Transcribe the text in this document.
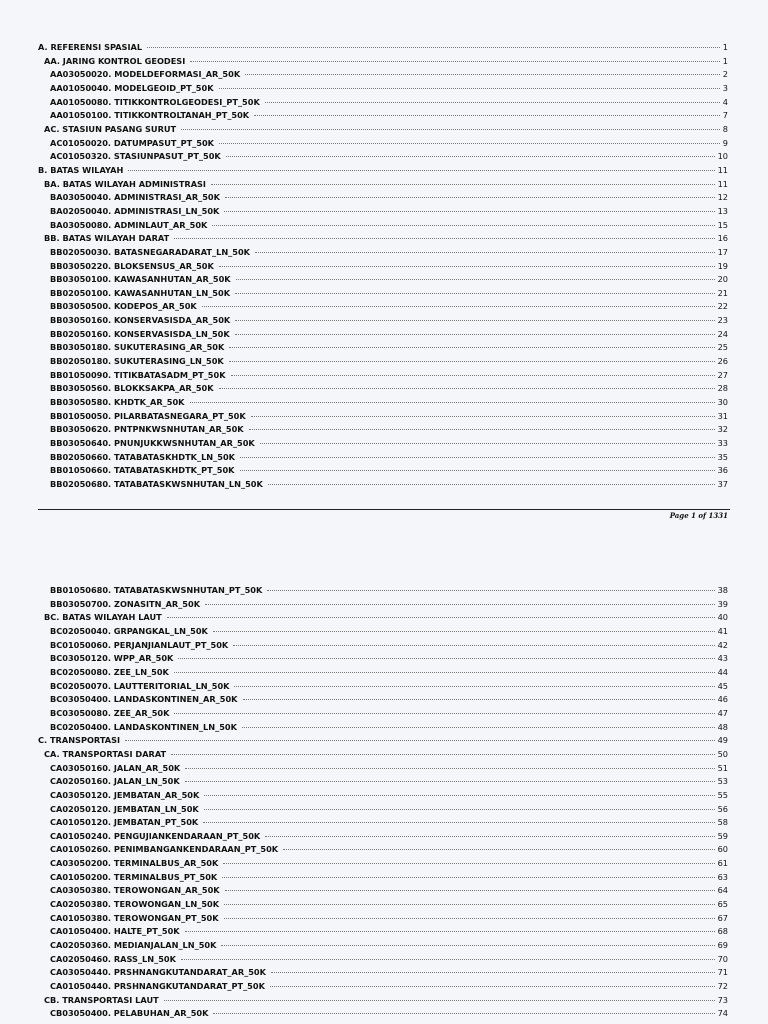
A. REFERENSI SPASIAL	1
AA. JARING KONTROL GEODESI	1
AA03050020. MODELDEFORMASI_AR_50K	2
AA01050040. MODELGEOID_PT_50K	3
AA01050080. TITIKKONTROLGEODESI_PT_50K	4
AA01050100. TITIKKONTROLTANAH_PT_50K	7
AC. STASIUN PASANG SURUT	8
AC01050020. DATUMPASUT_PT_50K	9
AC01050320. STASIUNPASUT_PT_50K	10
B. BATAS WILAYAH	11
BA. BATAS WILAYAH ADMINISTRASI	11
BA03050040. ADMINISTRASI_AR_50K	12
BA02050040. ADMINISTRASI_LN_50K	13
BA03050080. ADMINLAUT_AR_50K	15
BB. BATAS WILAYAH DARAT	16
BB02050030. BATASNEGARADARAT_LN_50K	17
BB03050220. BLOKSENSUS_AR_50K	19
BB03050100. KAWASANHUTAN_AR_50K	20
BB02050100. KAWASANHUTAN_LN_50K	21
BB03050500. KODEPOS_AR_50K	22
BB03050160. KONSERVASISDA_AR_50K	23
BB02050160. KONSERVASISDA_LN_50K	24
BB03050180. SUKUTERASING_AR_50K	25
BB02050180. SUKUTERASING_LN_50K	26
BB01050090. TITIKBATASADM_PT_50K	27
BB03050560. BLOKKSAKPA_AR_50K	28
BB03050580. KHDTK_AR_50K	30
BB01050050. PILARBATASNEGARA_PT_50K	31
BB03050620. PNTPNKWSNHUTAN_AR_50K	32
BB03050640. PNUNJUKKWSNHUTAN_AR_50K	33
BB02050660. TATABATASKHDTK_LN_50K	35
BB01050660. TATABATASKHDTK_PT_50K	36
BB02050680. TATABATASKWSNHUTAN_LN_50K	37
Page 1 of 1331
BB01050680. TATABATASKWSNHUTAN_PT_50K	38
BB03050700. ZONASITN_AR_50K	39
BC. BATAS WILAYAH LAUT	40
BC02050040. GRPANGKAL_LN_50K	41
BC01050060. PERJANJIANLAUT_PT_50K	42
BC03050120. WPP_AR_50K	43
BC02050080. ZEE_LN_50K	44
BC02050070. LAUTTERITORIAL_LN_50K	45
BC03050400. LANDASKONTINEN_AR_50K	46
BC03050080. ZEE_AR_50K	47
BC02050400. LANDASKONTINEN_LN_50K	48
C. TRANSPORTASI	49
CA. TRANSPORTASI DARAT	50
CA03050160. JALAN_AR_50K	51
CA02050160. JALAN_LN_50K	53
CA03050120. JEMBATAN_AR_50K	55
CA02050120. JEMBATAN_LN_50K	56
CA01050120. JEMBATAN_PT_50K	58
CA01050240. PENGUJIANKENDARAAN_PT_50K	59
CA01050260. PENIMBANGANKENDARAAN_PT_50K	60
CA03050200. TERMINALBUS_AR_50K	61
CA01050200. TERMINALBUS_PT_50K	63
CA03050380. TEROWONGAN_AR_50K	64
CA02050380. TEROWONGAN_LN_50K	65
CA01050380. TEROWONGAN_PT_50K	67
CA01050400. HALTE_PT_50K	68
CA02050360. MEDIANJALAN_LN_50K	69
CA02050460. RASS_LN_50K	70
CA03050440. PRSHNANGKUTANDARAT_AR_50K	71
CA01050440. PRSHNANGKUTANDARAT_PT_50K	72
CB. TRANSPORTASI LAUT	73
CB03050400. PELABUHAN_AR_50K	74
